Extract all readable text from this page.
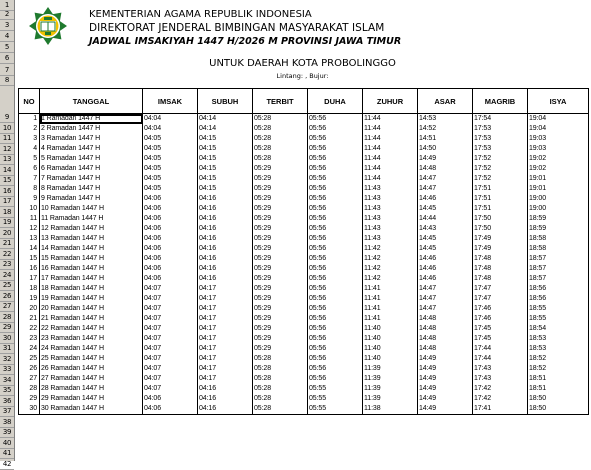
1
2
3
4
5
6
7
8
9
10
11
12
13
14
15
16
17
18
19
20
21
22
23
24
25
26
27
28
29
30
31
32
33
34
35
36
37
38
39
40
41
42
KEMENTERIAN AGAMA REPUBLIK INDONESIA
DIREKTORAT JENDERAL BIMBINGAN MASYARAKAT ISLAM
JADWAL IMSAKIYAH 1447 H/2026 M PROVINSI JAWA TIMUR
UNTUK DAERAH KOTA PROBOLINGGO
Lintang: , Bujur:
NO	TANGGAL	IMSAK	SUBUH	TERBIT	DUHA	ZUHUR	ASAR	MAGRIB	ISYA
1	1 Ramadan 1447 H	04:04	04:14	05:28	05:56	11:44	14:53	17:54	19:04
2	2 Ramadan 1447 H	04:04	04:14	05:28	05:56	11:44	14:52	17:53	19:04
3	3 Ramadan 1447 H	04:05	04:15	05:28	05:56	11:44	14:51	17:53	19:03
4	4 Ramadan 1447 H	04:05	04:15	05:28	05:56	11:44	14:50	17:53	19:03
5	5 Ramadan 1447 H	04:05	04:15	05:28	05:56	11:44	14:49	17:52	19:02
6	6 Ramadan 1447 H	04:05	04:15	05:29	05:56	11:44	14:48	17:52	19:02
7	7 Ramadan 1447 H	04:05	04:15	05:29	05:56	11:44	14:47	17:52	19:01
8	8 Ramadan 1447 H	04:05	04:15	05:29	05:56	11:43	14:47	17:51	19:01
9	9 Ramadan 1447 H	04:06	04:16	05:29	05:56	11:43	14:46	17:51	19:00
10	10 Ramadan 1447 H	04:06	04:16	05:29	05:56	11:43	14:45	17:51	19:00
11	11 Ramadan 1447 H	04:06	04:16	05:29	05:56	11:43	14:44	17:50	18:59
12	12 Ramadan 1447 H	04:06	04:16	05:29	05:56	11:43	14:43	17:50	18:59
13	13 Ramadan 1447 H	04:06	04:16	05:29	05:56	11:43	14:45	17:49	18:58
14	14 Ramadan 1447 H	04:06	04:16	05:29	05:56	11:42	14:45	17:49	18:58
15	15 Ramadan 1447 H	04:06	04:16	05:29	05:56	11:42	14:46	17:48	18:57
16	16 Ramadan 1447 H	04:06	04:16	05:29	05:56	11:42	14:46	17:48	18:57
17	17 Ramadan 1447 H	04:06	04:16	05:29	05:56	11:42	14:46	17:48	18:57
18	18 Ramadan 1447 H	04:07	04:17	05:29	05:56	11:41	14:47	17:47	18:56
19	19 Ramadan 1447 H	04:07	04:17	05:29	05:56	11:41	14:47	17:47	18:56
20	20 Ramadan 1447 H	04:07	04:17	05:29	05:56	11:41	14:47	17:46	18:55
21	21 Ramadan 1447 H	04:07	04:17	05:29	05:56	11:41	14:48	17:46	18:55
22	22 Ramadan 1447 H	04:07	04:17	05:29	05:56	11:40	14:48	17:45	18:54
23	23 Ramadan 1447 H	04:07	04:17	05:29	05:56	11:40	14:48	17:45	18:53
24	24 Ramadan 1447 H	04:07	04:17	05:29	05:56	11:40	14:48	17:44	18:53
25	25 Ramadan 1447 H	04:07	04:17	05:28	05:56	11:40	14:49	17:44	18:52
26	26 Ramadan 1447 H	04:07	04:17	05:28	05:56	11:39	14:49	17:43	18:52
27	27 Ramadan 1447 H	04:07	04:17	05:28	05:56	11:39	14:49	17:43	18:51
28	28 Ramadan 1447 H	04:07	04:16	05:28	05:55	11:39	14:49	17:42	18:51
29	29 Ramadan 1447 H	04:06	04:16	05:28	05:55	11:39	14:49	17:42	18:50
30	30 Ramadan 1447 H	04:06	04:16	05:28	05:55	11:38	14:49	17:41	18:50
